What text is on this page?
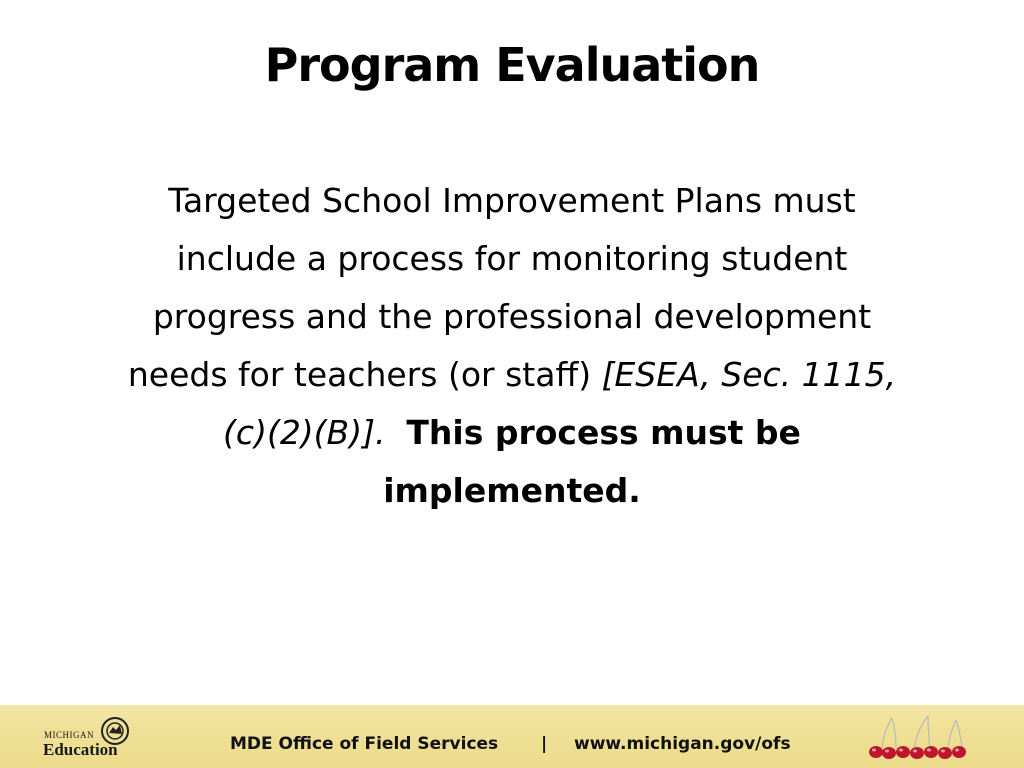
Program Evaluation
Targeted School Improvement Plans must
include a process for monitoring student
progress and the professional development
needs for teachers (or staff) [ESEA, Sec. 1115,
(c)(2)(B)]. This process must be
implemented.
MICHIGAN
Education	MDE Office of Field Services	| www.michigan.gov/ofs
